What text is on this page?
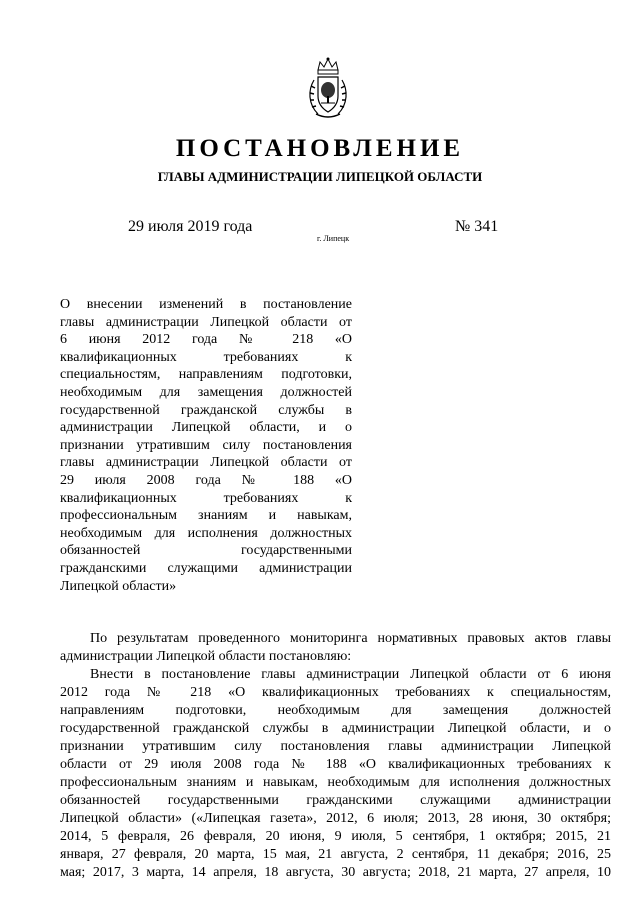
ПОСТАНОВЛЕНИЕ
ГЛАВЫ АДМИНИСТРАЦИИ ЛИПЕЦКОЙ ОБЛАСТИ
29 июля 2019 года
г. Липецк
№ 341
О внесении изменений в постановление
главы администрации Липецкой области от
6 июня 2012 года № 218 «О
квалификационных требованиях к
специальностям, направлениям подготовки,
необходимым для замещения должностей
государственной гражданской службы в
администрации Липецкой области, и о
признании утратившим силу постановления
главы администрации Липецкой области от
29 июля 2008 года № 188 «О
квалификационных требованиях к
профессиональным знаниям и навыкам,
необходимым для исполнения должностных
обязанностей государственными
гражданскими служащими администрации
Липецкой области»
По результатам проведенного мониторинга нормативных правовых актов главы
администрации Липецкой области постановляю:
Внести в постановление главы администрации Липецкой области от 6 июня
2012 года № 218 «О квалификационных требованиях к специальностям,
направлениям подготовки, необходимым для замещения должностей
государственной гражданской службы в администрации Липецкой области, и о
признании утратившим силу постановления главы администрации Липецкой
области от 29 июля 2008 года № 188 «О квалификационных требованиях к
профессиональным знаниям и навыкам, необходимым для исполнения должностных
обязанностей государственными гражданскими служащими администрации
Липецкой области» («Липецкая газета», 2012, 6 июля; 2013, 28 июня, 30 октября;
2014, 5 февраля, 26 февраля, 20 июня, 9 июля, 5 сентября, 1 октября; 2015, 21
января, 27 февраля, 20 марта, 15 мая, 21 августа, 2 сентября, 11 декабря; 2016, 25
мая; 2017, 3 марта, 14 апреля, 18 августа, 30 августа; 2018, 21 марта, 27 апреля, 10
